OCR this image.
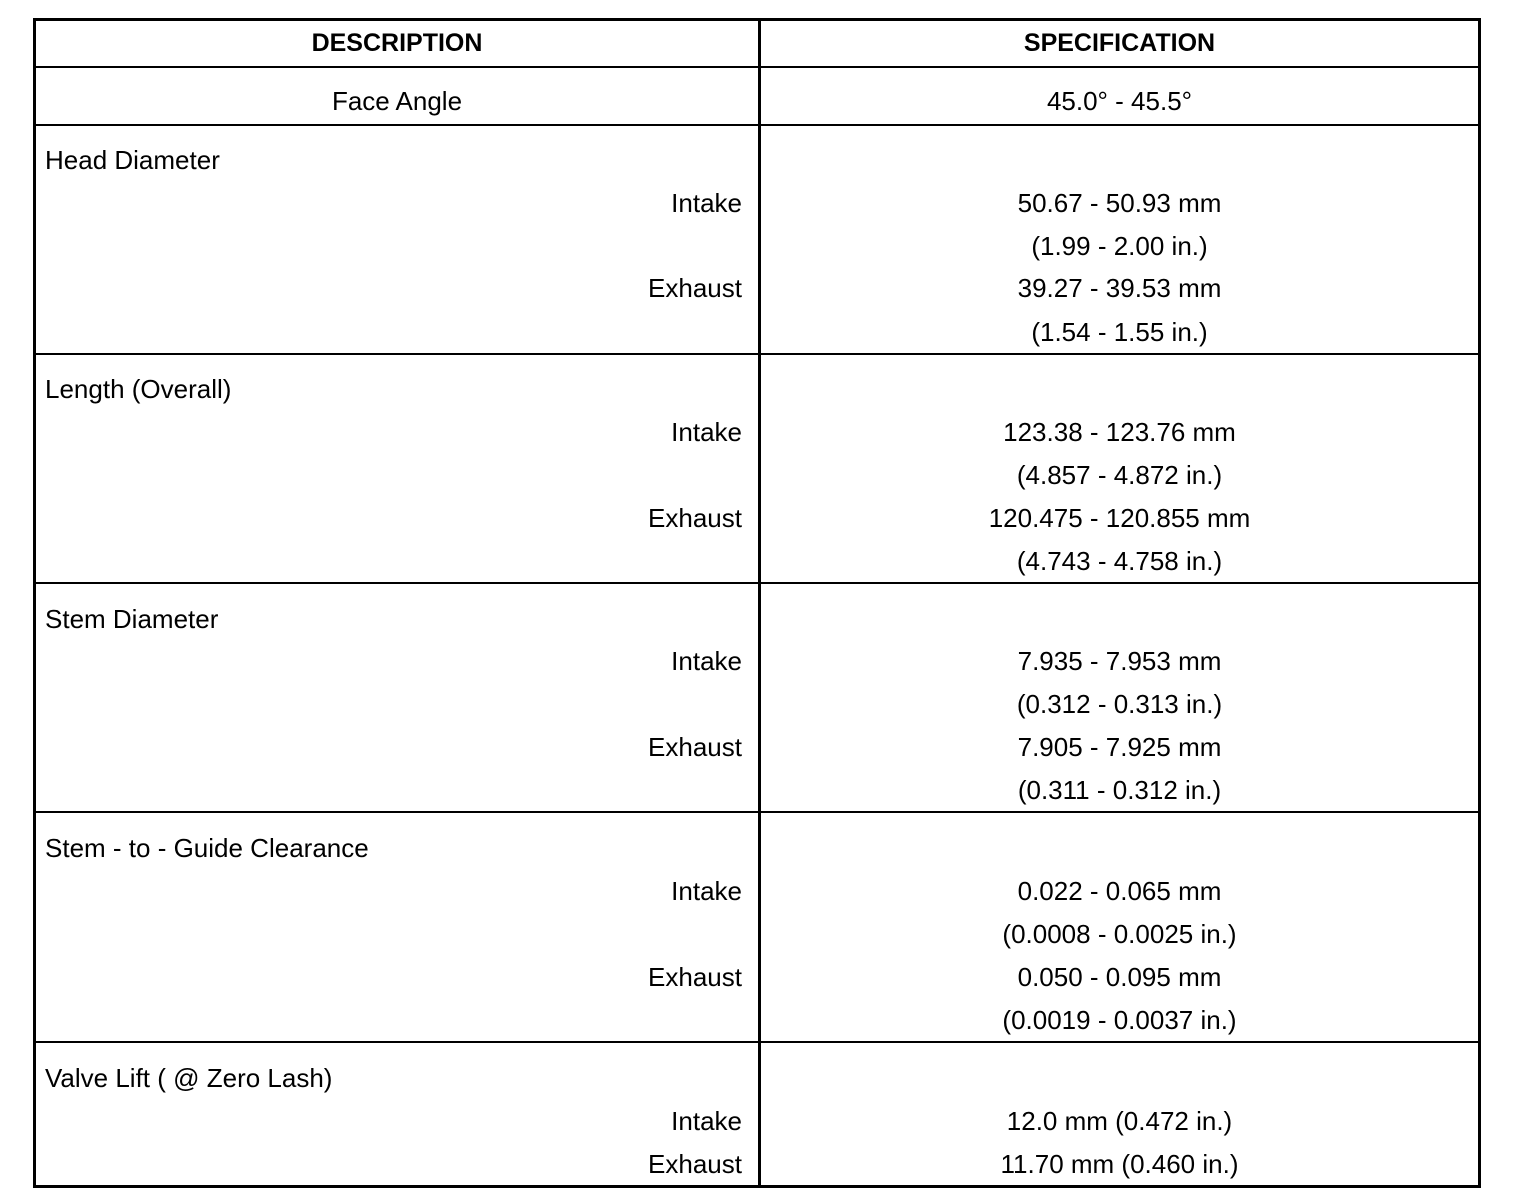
DESCRIPTION	SPECIFICATION
Face Angle	45.0° - 45.5°
Head Diameter
Intake	50.67 - 50.93 mm
(1.99 - 2.00 in.)
Exhaust	39.27 - 39.53 mm
(1.54 - 1.55 in.)
Length (Overall)
Intake	123.38 - 123.76 mm
(4.857 - 4.872 in.)
Exhaust	120.475 - 120.855 mm
(4.743 - 4.758 in.)
Stem Diameter
Intake	7.935 - 7.953 mm
(0.312 - 0.313 in.)
Exhaust	7.905 - 7.925 mm
(0.311 - 0.312 in.)
Stem - to - Guide Clearance
Intake	0.022 - 0.065 mm
(0.0008 - 0.0025 in.)
Exhaust	0.050 - 0.095 mm
(0.0019 - 0.0037 in.)
Valve Lift ( @ Zero Lash)
Intake	12.0 mm (0.472 in.)
Exhaust	11.70 mm (0.460 in.)
